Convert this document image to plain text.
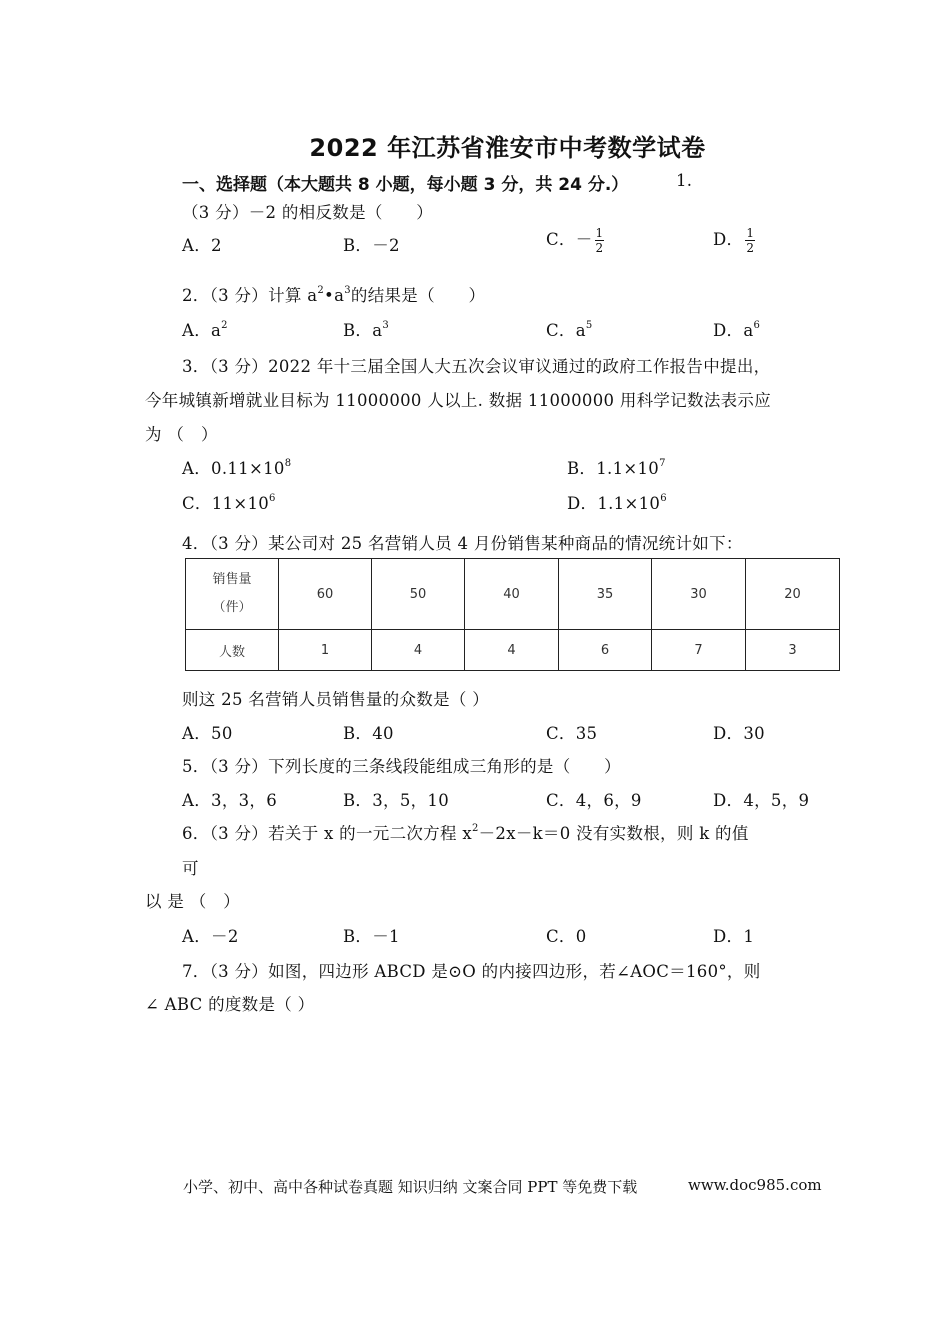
2022 年江苏省淮安市中考数学试卷
一、选择题（本大题共 8 小题，每小题 3 分，共 24 分.）	1.
（3 分）－2 的相反数是（　　）
A．2	B．－2	C．－ $\frac{1}{2}$	D． $\frac{1}{2}$
2．（3 分）计算 $a^2•a^3$的结果是（　　）
A．$a^2$	B．$a^3$	C．$a^5$	D．$a^6$
3．（3 分）2022 年十三届全国人大五次会议审议通过的政府工作报告中提出，
今年城镇新增就业目标为 11000000 人以上. 数据 11000000 用科学记数法表示应
为 （　）
A．$0.11\times 10^8$	B．$1.1\times 10^7$
C．$11\times 10^6$	D．$1.1\times 10^6$
4．（3 分）某公司对 25 名营销人员 4 月份销售某种商品的情况统计如下：
销售量
（件）	60	50	40	35	30	20
人数	1	4	4	6	7	3
则这 25 名营销人员销售量的众数是（ ）
A．50	B．40	C．35	D．30
5．（3 分）下列长度的三条线段能组成三角形的是（　　）
A．3，3，6	B．3，5，10	C．4，6，9	D．4，5，9
6．（3 分）若关于 x 的一元二次方程 $x^2-2x-k=0$ 没有实数根，则 k 的值
可
以 是 （　）
A．－2	B．－1	C．0	D．1
7．（3 分）如图，四边形 ABCD 是⊙O 的内接四边形，若∠AOC＝160°，则
∠ ABC 的度数是（ ）
小学、初中、高中各种试卷真题 知识归纳 文案合同 PPT 等免费下载	www.doc985.com
